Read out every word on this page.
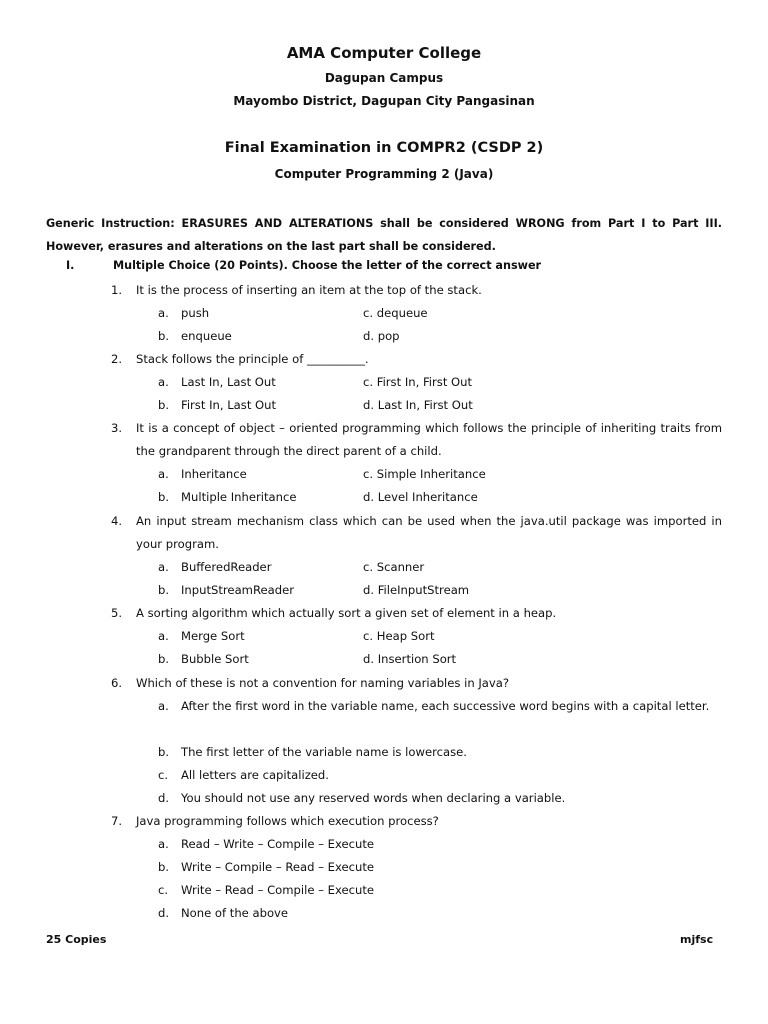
AMA Computer College
Dagupan Campus
Mayombo District, Dagupan City Pangasinan
Final Examination in COMPR2 (CSDP 2)
Computer Programming 2 (Java)
Generic Instruction: ERASURES AND ALTERATIONS shall be considered WRONG from Part I to Part III. However, erasures and alterations on the last part shall be considered.
I.	Multiple Choice (20 Points). Choose the letter of the correct answer
1. It is the process of inserting an item at the top of the stack.
a. push	c. dequeue
b. enqueue	d. pop
2. Stack follows the principle of __________.
a. Last In, Last Out	c. First In, First Out
b. First In, Last Out	d. Last In, First Out
3. It is a concept of object – oriented programming which follows the principle of inheriting traits from the grandparent through the direct parent of a child.
a. Inheritance	c. Simple Inheritance
b. Multiple Inheritance	d. Level Inheritance
4. An input stream mechanism class which can be used when the java.util package was imported in your program.
a. BufferedReader	c. Scanner
b. InputStreamReader	d. FileInputStream
5. A sorting algorithm which actually sort a given set of element in a heap.
a. Merge Sort	c. Heap Sort
b. Bubble Sort	d. Insertion Sort
6. Which of these is not a convention for naming variables in Java?
a. After the first word in the variable name, each successive word begins with a capital letter.
b. The first letter of the variable name is lowercase.
c. All letters are capitalized.
d. You should not use any reserved words when declaring a variable.
7. Java programming follows which execution process?
a. Read – Write – Compile – Execute
b. Write – Compile – Read – Execute
c. Write – Read – Compile – Execute
d. None of the above
25 Copies	mjfsc
